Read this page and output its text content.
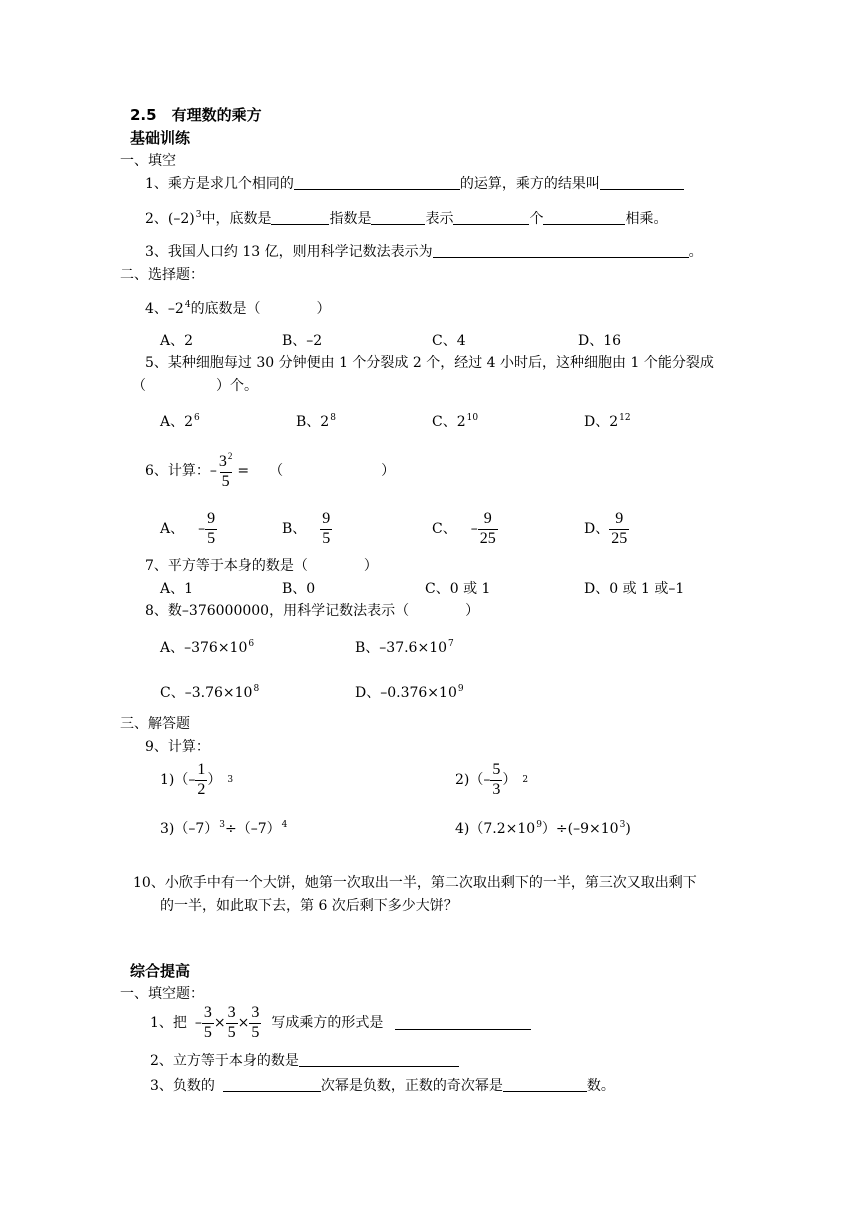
2.5　有理数的乘方
基础训练
一、填空
1、乘方是求几个相同的	的运算，乘方的结果叫
2、$(-2)^3$中，底数是	指数是	表示	个	相乘。
3、我国人口约 13 亿，则用科学记数法表示为	。
二、选择题：
4、$-2^4$的底数是（　　　　）
A、2	B、–2	C、4	D、16
5、某种细胞每过 30 分钟便由 1 个分裂成 2 个，经过 4 小时后，这种细胞由 1 个能分裂成
（　　　　　）个。
A、$2^6$	B、$2^8$	C、$2^{10}$	D、$2^{12}$
6、计算：– $\frac{3^2}{5}$ = （　　　　　　　）
A、 – $\frac{9}{5}$	B、 $\frac{9}{5}$	C、 – $\frac{9}{25}$	D、 $\frac{9}{25}$
7、平方等于本身的数是（　　　　）
A、1	B、0	C、0 或 1	D、0 或 1 或–1
8、数–376000000，用科学记数法表示（　　　　）
A、$-376\times 10^6$	B、$-37.6\times 10^7$
C、$-3.76\times 10^8$	D、$-0.376\times 10^9$
三、解答题
9、计算：
$1)(- \frac{1}{2}$ ） 3	$2)(- \frac{5}{3}$ ） 2
$3)(-7)^3\div(-7)^4$	$4)(7.2\times 10^9)\div(-9\times 10^3)$
10、小欣手中有一个大饼，她第一次取出一半，第二次取出剩下的一半，第三次又取出剩下
的一半，如此取下去，第 6 次后剩下多少大饼？
综合提高
一、填空题：
1、把 – $\frac{3}{5} \times \frac{3}{5} \times \frac{3}{5}$ 写成乘方的形式是
2、立方等于本身的数是
3、负数的	次幂是负数，正数的奇次幂是	数。
